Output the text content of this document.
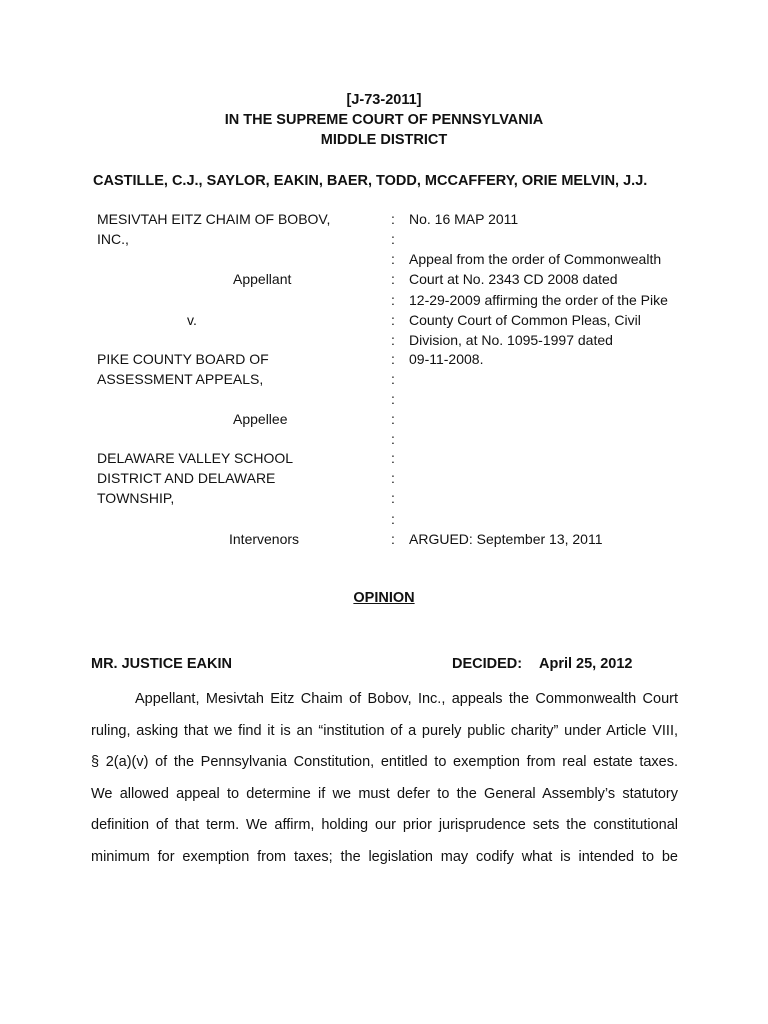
[J-73-2011]
IN THE SUPREME COURT OF PENNSYLVANIA
MIDDLE DISTRICT
CASTILLE, C.J., SAYLOR, EAKIN, BAER, TODD, MCCAFFERY, ORIE MELVIN, J.J.
MESIVTAH EITZ CHAIM OF BOBOV,
INC.,
Appellant
v.
PIKE COUNTY BOARD OF
ASSESSMENT APPEALS,
Appellee
DELAWARE VALLEY SCHOOL
DISTRICT AND DELAWARE
TOWNSHIP,
Intervenors
:
:
:
:
:
:
:
:
:
:
:
:
:
:
:
:
:
No. 16 MAP 2011
Appeal from the order of Commonwealth
Court at No. 2343 CD 2008 dated
12-29-2009 affirming the order of the Pike
County Court of Common Pleas, Civil
Division, at No. 1095-1997 dated
09-11-2008.
ARGUED: September 13, 2011
OPINION
MR. JUSTICE EAKIN	DECIDED: April 25, 2012
Appellant, Mesivtah Eitz Chaim of Bobov, Inc., appeals the Commonwealth Court
ruling, asking that we find it is an “institution of a purely public charity” under Article VIII,
§ 2(a)(v) of the Pennsylvania Constitution, entitled to exemption from real estate taxes.
We allowed appeal to determine if we must defer to the General Assembly’s statutory
definition of that term. We affirm, holding our prior jurisprudence sets the constitutional
minimum for exemption from taxes; the legislation may codify what is intended to be
